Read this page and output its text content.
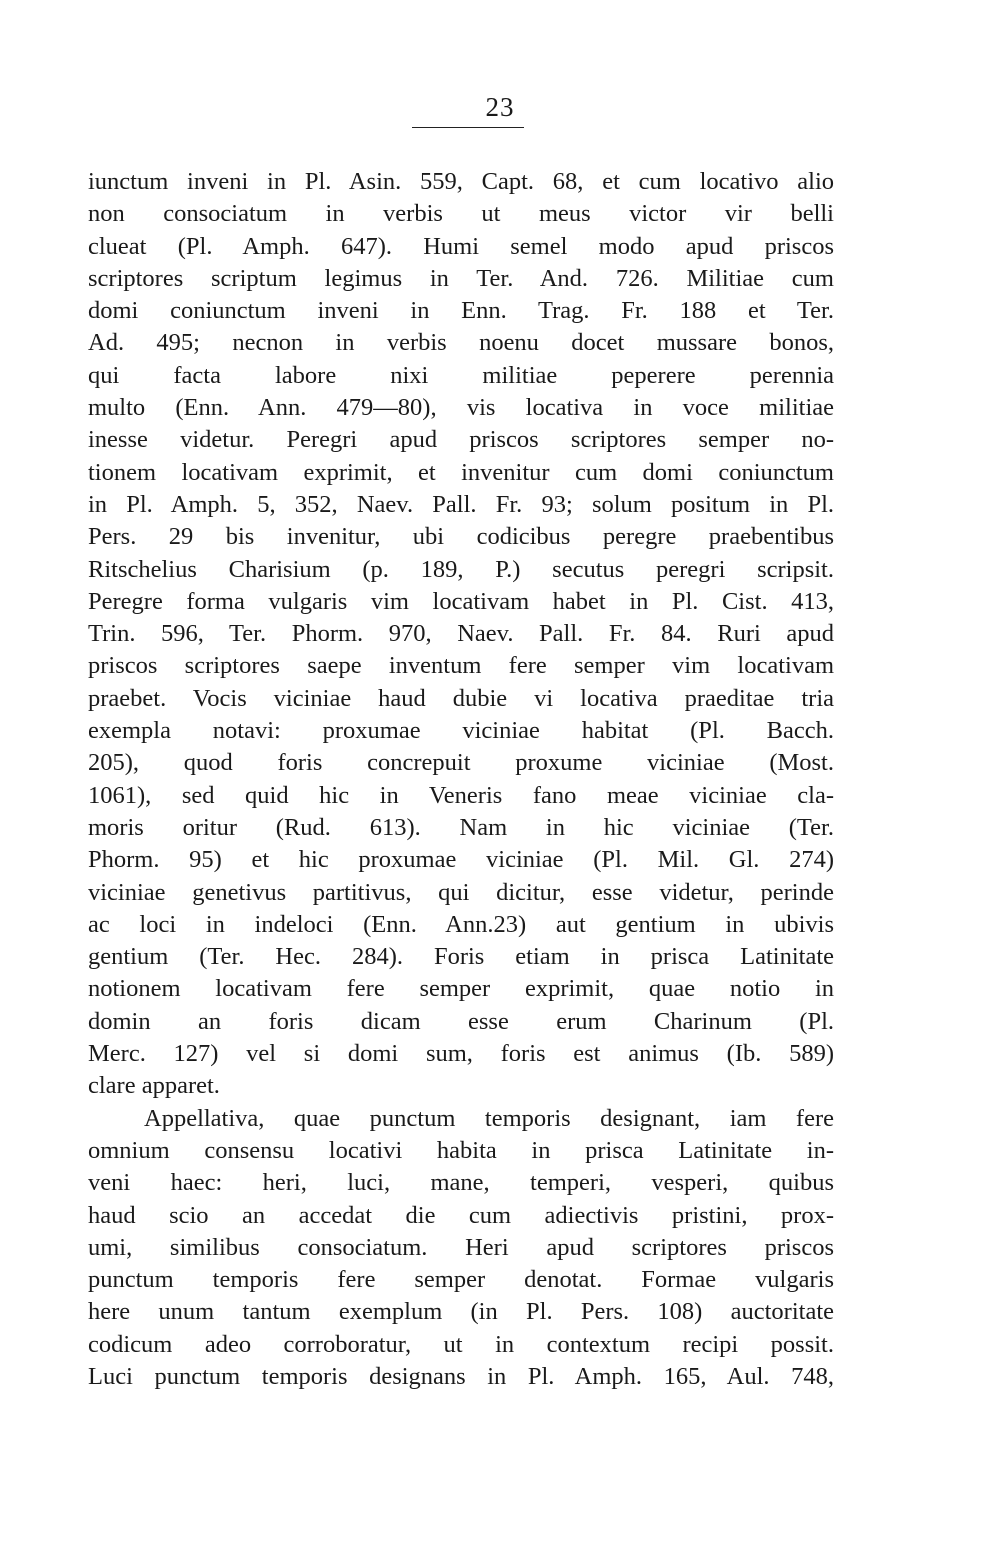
23
iunctum inveni in Pl. Asin. 559, Capt. 68, et cum locativo alio
non consociatum in verbis ut meus victor vir belli
clueat (Pl. Amph. 647). Humi semel modo apud priscos
scriptores scriptum legimus in Ter. And. 726. Militiae cum
domi coniunctum inveni in Enn. Trag. Fr. 188 et Ter.
Ad. 495; necnon in verbis noenu docet mussare bonos,
qui facta labore nixi militiae peperere perennia
multo (Enn. Ann. 479—80), vis locativa in voce militiae
inesse videtur. Peregri apud priscos scriptores semper no-
tionem locativam exprimit, et invenitur cum domi coniunctum
in Pl. Amph. 5, 352, Naev. Pall. Fr. 93; solum positum in Pl.
Pers. 29 bis invenitur, ubi codicibus peregre praebentibus
Ritschelius Charisium (p. 189, P.) secutus peregri scripsit.
Peregre forma vulgaris vim locativam habet in Pl. Cist. 413,
Trin. 596, Ter. Phorm. 970, Naev. Pall. Fr. 84. Ruri apud
priscos scriptores saepe inventum fere semper vim locativam
praebet. Vocis viciniae haud dubie vi locativa praeditae tria
exempla notavi: proxumae viciniae habitat (Pl. Bacch.
205), quod foris concrepuit proxume viciniae (Most.
1061), sed quid hic in Veneris fano meae viciniae cla-
moris oritur (Rud. 613). Nam in hic viciniae (Ter.
Phorm. 95) et hic proxumae viciniae (Pl. Mil. Gl. 274)
viciniae genetivus partitivus, qui dicitur, esse videtur, perinde
ac loci in indeloci (Enn. Ann.23) aut gentium in ubivis
gentium (Ter. Hec. 284). Foris etiam in prisca Latinitate
notionem locativam fere semper exprimit, quae notio in
domin an foris dicam esse erum Charinum (Pl.
Merc. 127) vel si domi sum, foris est animus (Ib. 589)
clare apparet.
Appellativa, quae punctum temporis designant, iam fere
omnium consensu locativi habita in prisca Latinitate in-
veni haec: heri, luci, mane, temperi, vesperi, quibus
haud scio an accedat die cum adiectivis pristini, prox-
umi, similibus consociatum. Heri apud scriptores priscos
punctum temporis fere semper denotat. Formae vulgaris
here unum tantum exemplum (in Pl. Pers. 108) auctoritate
codicum adeo corroboratur, ut in contextum recipi possit.
Luci punctum temporis designans in Pl. Amph. 165, Aul. 748,
